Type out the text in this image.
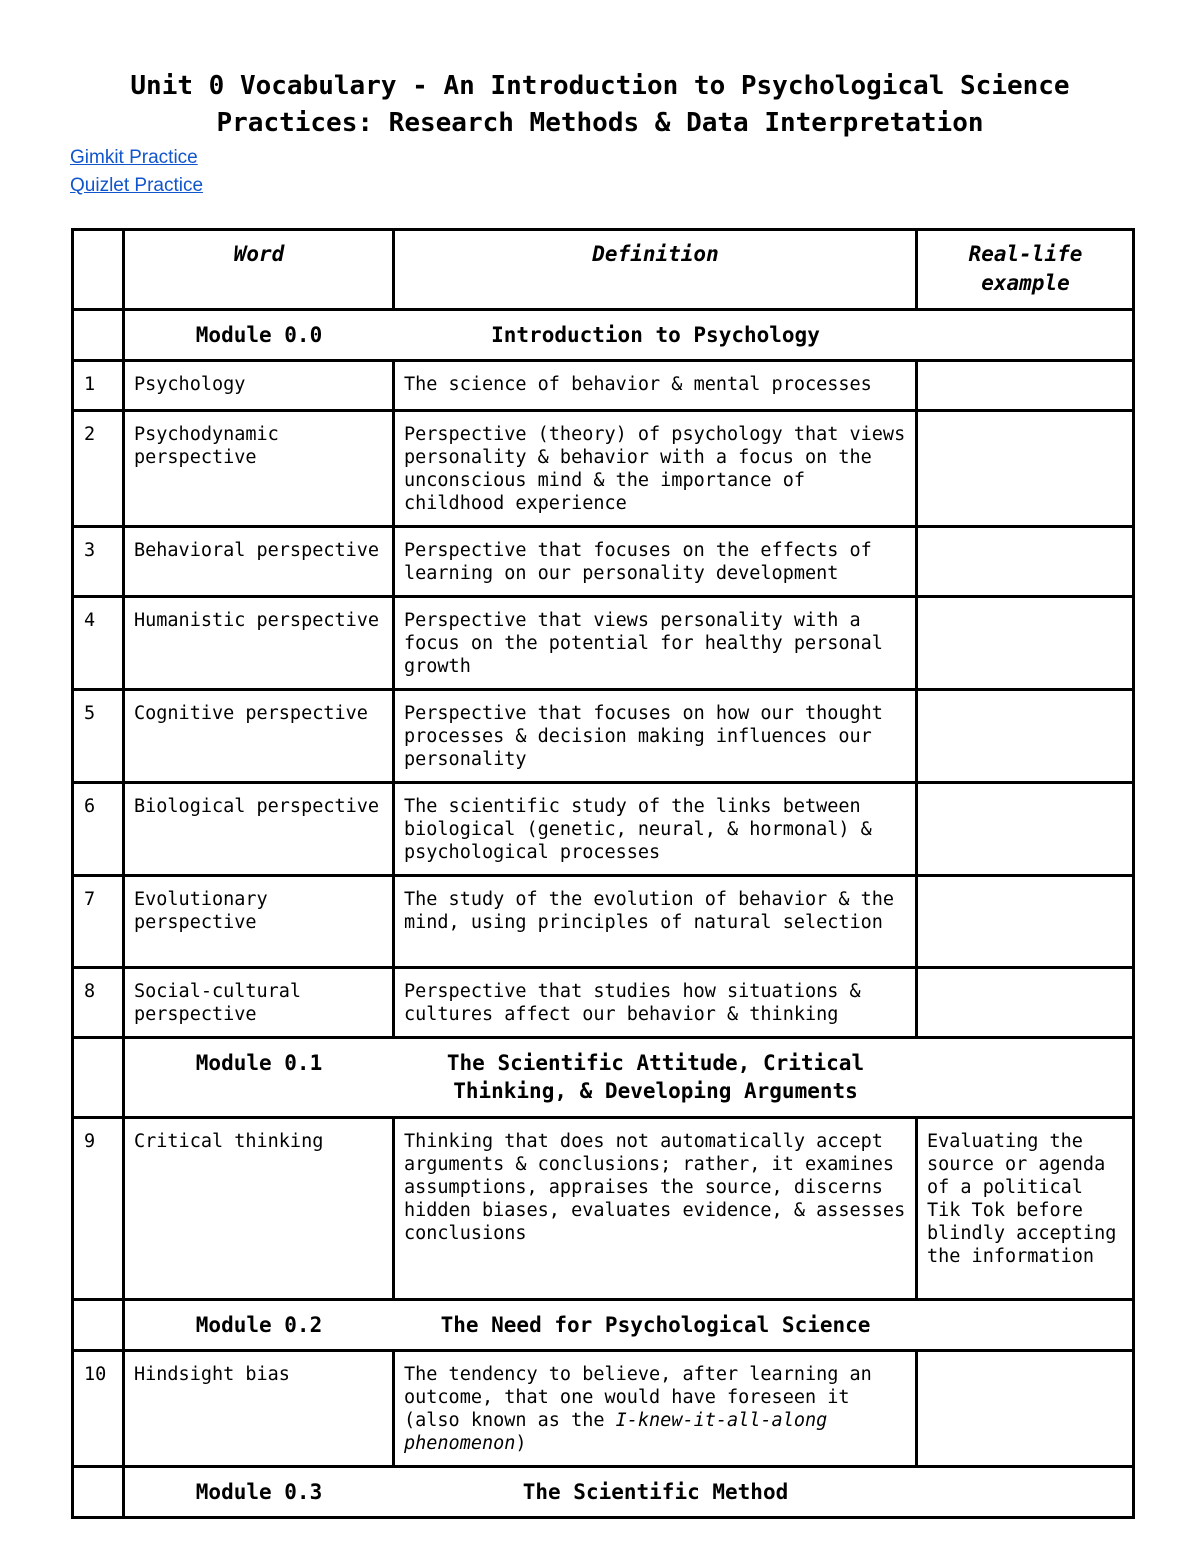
Unit 0 Vocabulary - An Introduction to Psychological Science
Practices: Research Methods & Data Interpretation
Gimkit Practice
Quizlet Practice
	Word	Definition	Real-life example
	Module 0.0	Introduction to Psychology	
1	Psychology	The science of behavior & mental processes	
2	Psychodynamic perspective	Perspective (theory) of psychology that views personality & behavior with a focus on the unconscious mind & the importance of childhood experience	
3	Behavioral perspective	Perspective that focuses on the effects of learning on our personality development	
4	Humanistic perspective	Perspective that views personality with a focus on the potential for healthy personal growth	
5	Cognitive perspective	Perspective that focuses on how our thought processes & decision making influences our personality	
6	Biological perspective	The scientific study of the links between biological (genetic, neural, & hormonal) & psychological processes	
7	Evolutionary perspective	The study of the evolution of behavior & the mind, using principles of natural selection	
8	Social-cultural perspective	Perspective that studies how situations & cultures affect our behavior & thinking	
	Module 0.1	The Scientific Attitude, Critical Thinking, & Developing Arguments	
9	Critical thinking	Thinking that does not automatically accept arguments & conclusions; rather, it examines assumptions, appraises the source, discerns hidden biases, evaluates evidence, & assesses conclusions	Evaluating the source or agenda of a political Tik Tok before blindly accepting the information
	Module 0.2	The Need for Psychological Science	
10	Hindsight bias	The tendency to believe, after learning an outcome, that one would have foreseen it (also known as the I-knew-it-all-along phenomenon)	
	Module 0.3	The Scientific Method	
